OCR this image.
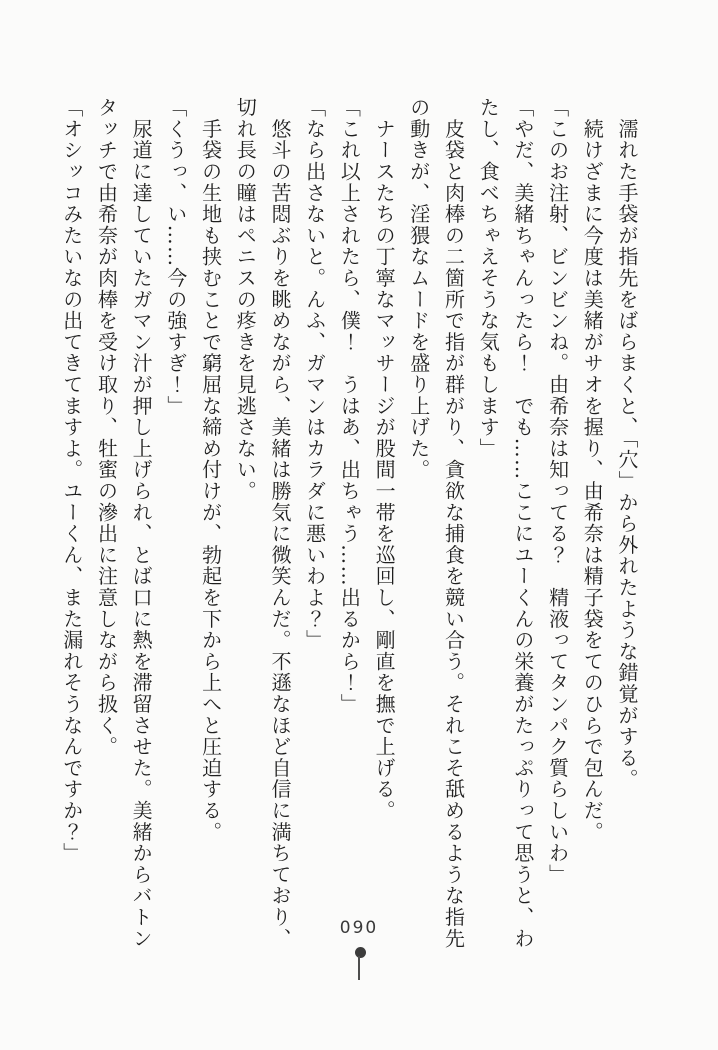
　濡れた手袋が指先をばらまくと、「穴」から外れたような錯覚がする。
　続けざまに今度は美緒がサオを握り、由希奈は精子袋をてのひらで包んだ。
「このお注射、ビンビンね。由希奈は知ってる？　精液ってタンパク質らしいわ」
「やだ、美緒ちゃんったら！　でも……ここにユーくんの栄養がたっぷりって思うと、わ
たし、食べちゃえそうな気もします」
　皮袋と肉棒の二箇所で指が群がり、貪欲な捕食を競い合う。それこそ舐めるような指先
の動きが、淫猥なムードを盛り上げた。
　ナースたちの丁寧なマッサージが股間一帯を巡回し、剛直を撫で上げる。
「これ以上されたら、僕！　うはあ、出ちゃう……出るから！」
「なら出さないと。んふ、ガマンはカラダに悪いわよ？」
　悠斗の苦悶ぶりを眺めながら、美緒は勝気に微笑んだ。不遜なほど自信に満ちており、
切れ長の瞳はペニスの疼きを見逃さない。
　手袋の生地も挟むことで窮屈な締め付けが、勃起を下から上へと圧迫する。
「くうっ、い……今の強すぎ！」
　尿道に達していたガマン汁が押し上げられ、とば口に熱を滞留させた。美緒からバトン
タッチで由希奈が肉棒を受け取り、牡蜜の滲出に注意しながら扱く。
「オシッコみたいなの出てきてますよ。ユーくん、また漏れそうなんですか？」
090
